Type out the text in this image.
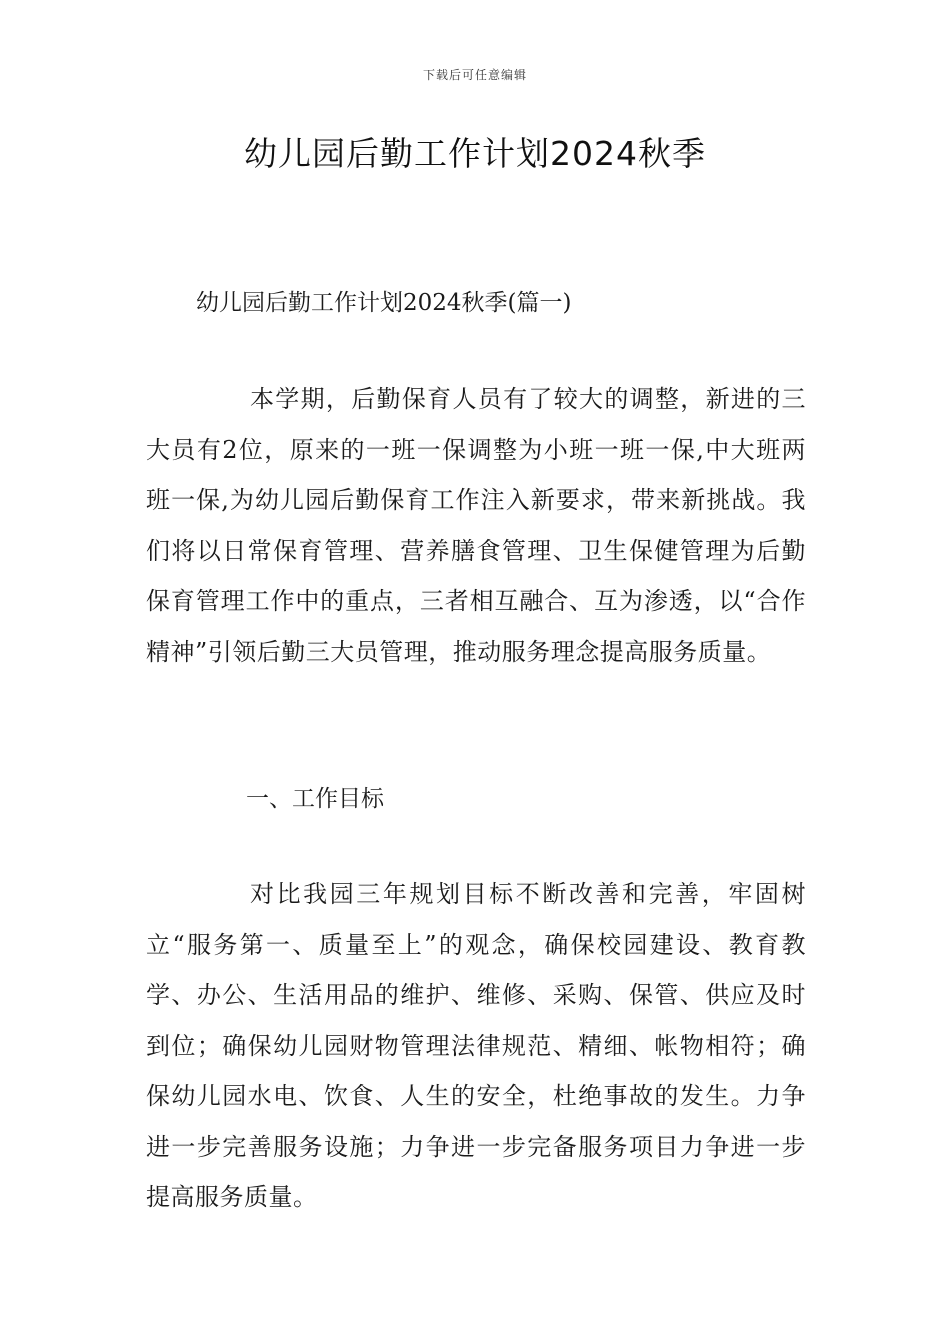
下载后可任意编辑
幼儿园后勤工作计划2024秋季
幼儿园后勤工作计划2024秋季(篇一)

本学期，后勤保育人员有了较大的调整，新进的三大员有2位，原来的一班一保调整为小班一班一保,中大班两班一保,为幼儿园后勤保育工作注入新要求，带来新挑战。我们将以日常保育管理、营养膳食管理、卫生保健管理为后勤保育管理工作中的重点，三者相互融合、互为渗透，以“合作精神”引领后勤三大员管理，推动服务理念提高服务质量。

一、工作目标

对比我园三年规划目标不断改善和完善，牢固树立“服务第一、质量至上”的观念，确保校园建设、教育教学、办公、生活用品的维护、维修、采购、保管、供应及时到位；确保幼儿园财物管理法律规范、精细、帐物相符；确保幼儿园水电、饮食、人生的安全，杜绝事故的发生。力争进一步完善服务设施；力争进一步完备服务项目力争进一步提高服务质量。
